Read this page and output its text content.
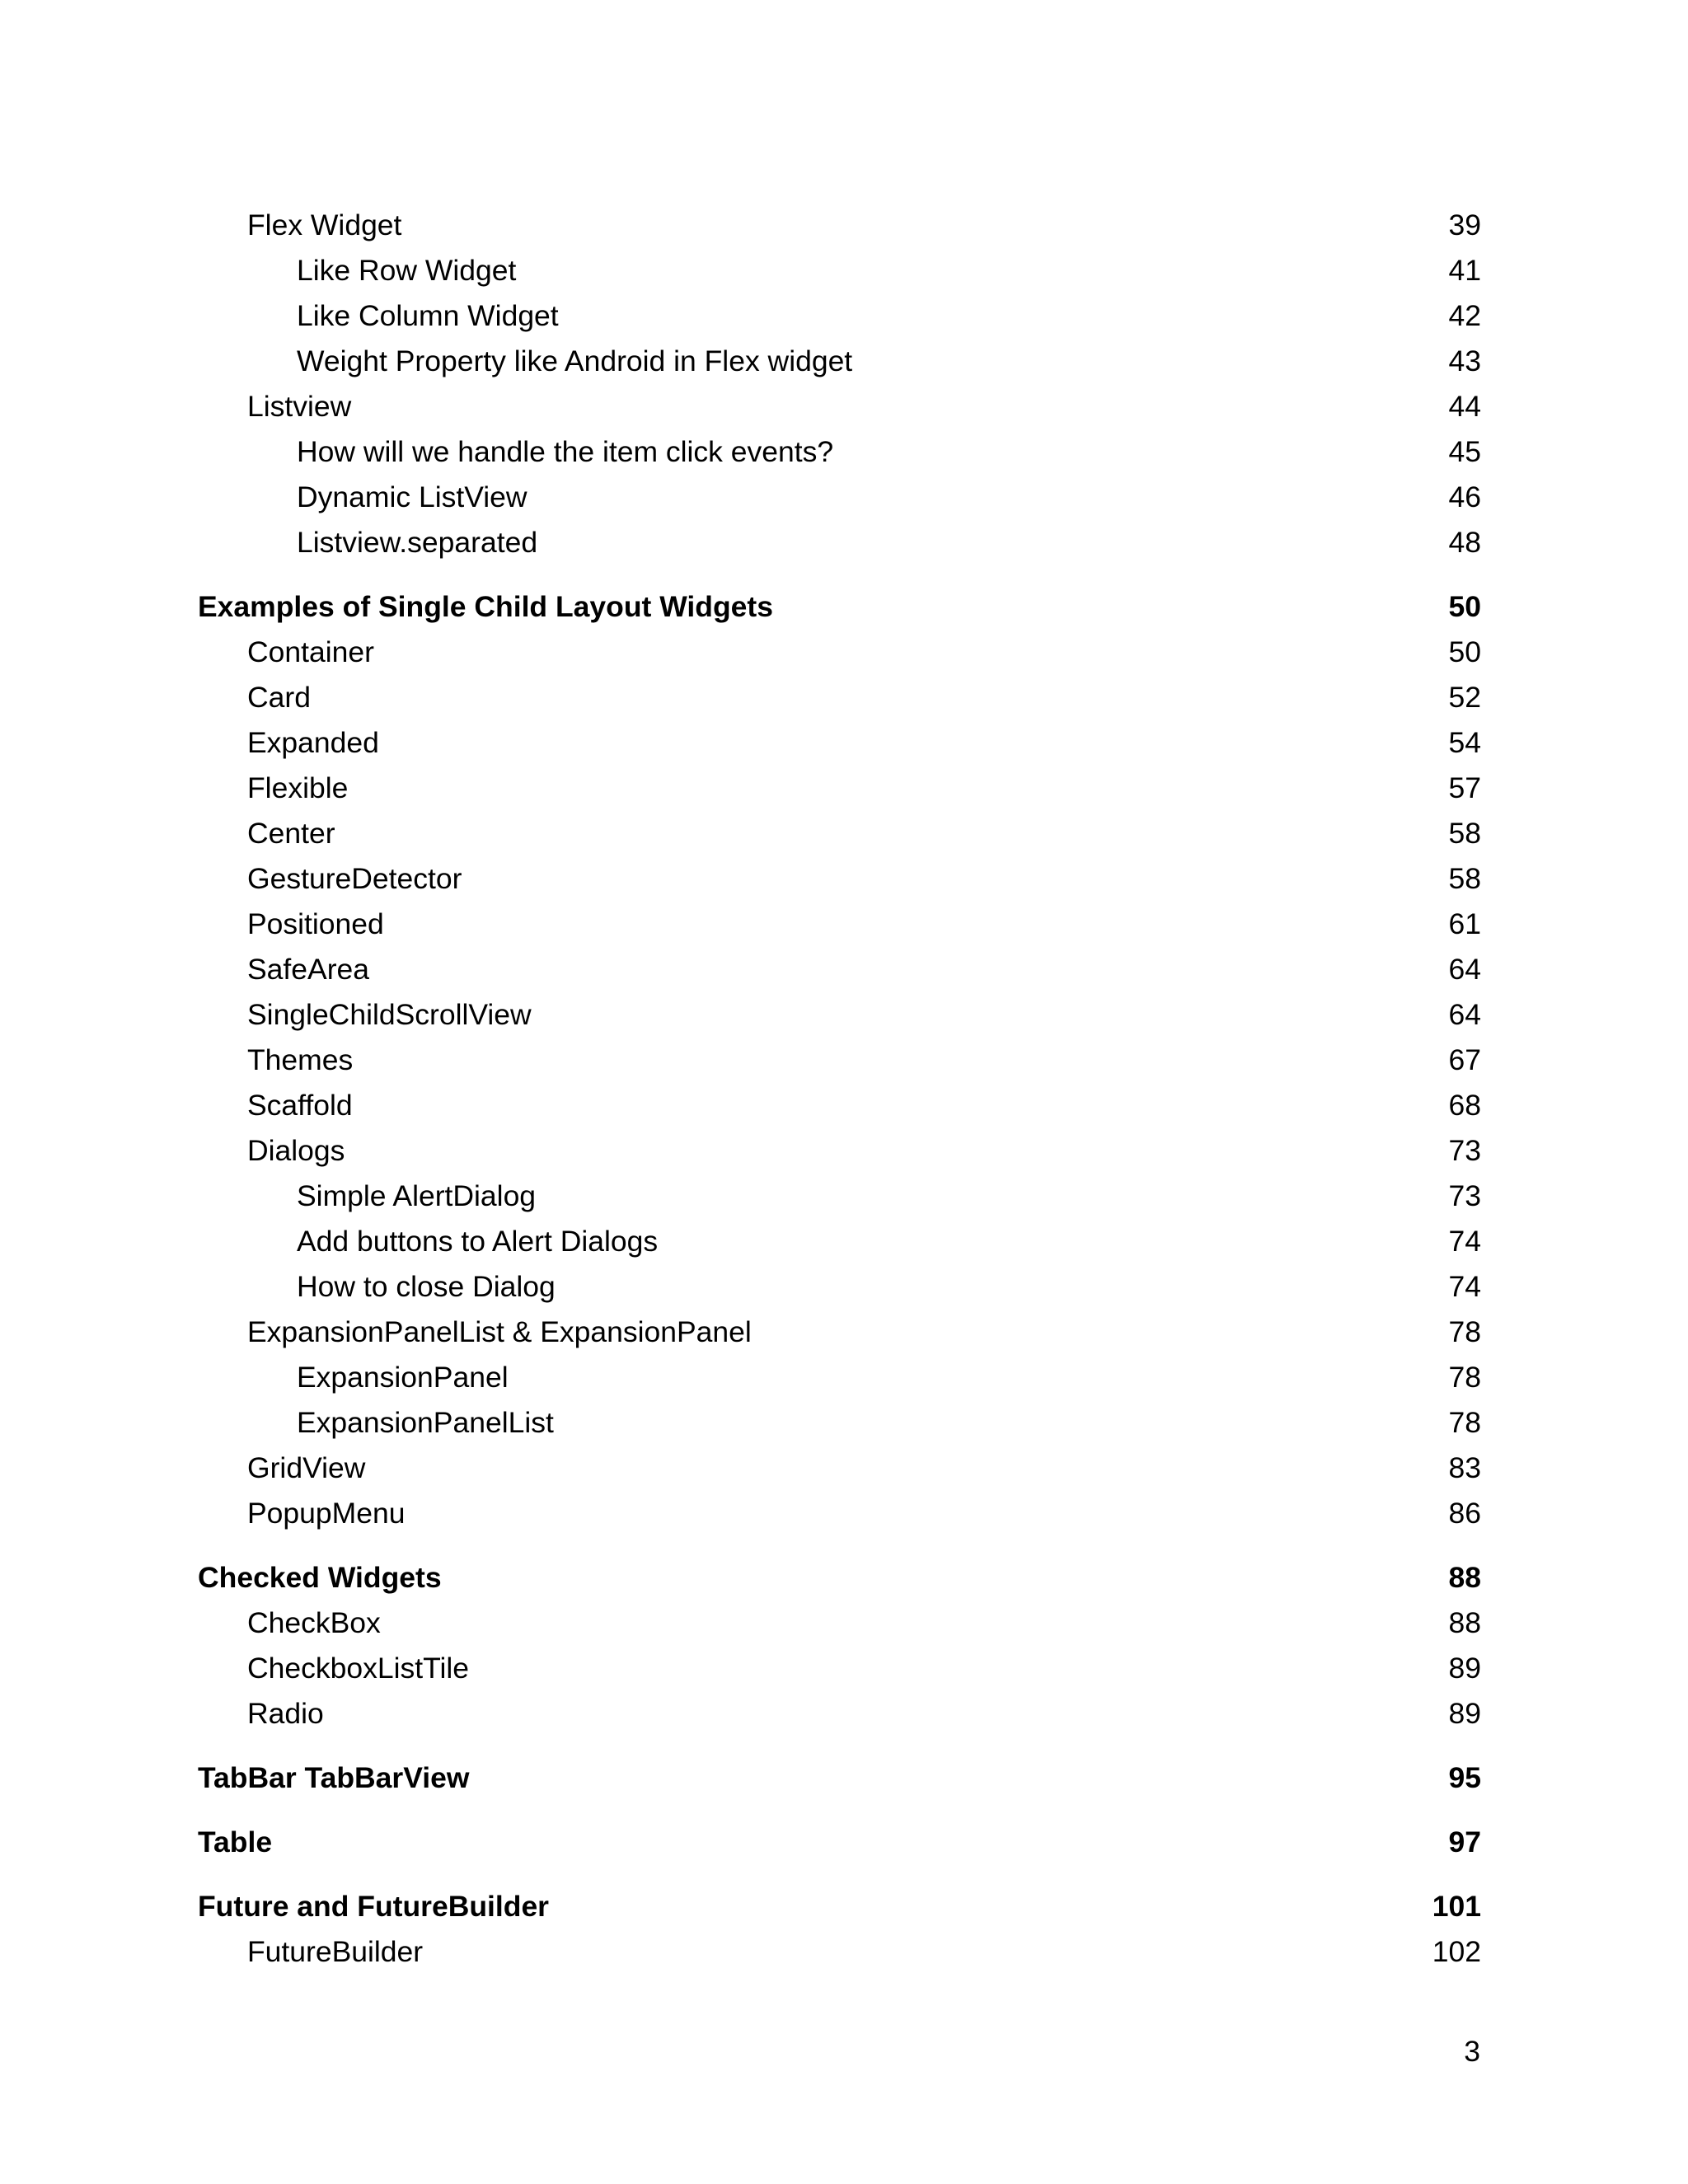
Flex Widget	39
Like Row Widget	41
Like Column Widget	42
Weight Property like Android in Flex widget	43
Listview	44
How will we handle the item click events?	45
Dynamic ListView	46
Listview.separated	48
Examples of Single Child Layout Widgets	50
Container	50
Card	52
Expanded	54
Flexible	57
Center	58
GestureDetector	58
Positioned	61
SafeArea	64
SingleChildScrollView	64
Themes	67
Scaffold	68
Dialogs	73
Simple AlertDialog	73
Add buttons to Alert Dialogs	74
How to close Dialog	74
ExpansionPanelList & ExpansionPanel	78
ExpansionPanel	78
ExpansionPanelList	78
GridView	83
PopupMenu	86
Checked Widgets	88
CheckBox	88
CheckboxListTile	89
Radio	89
TabBar TabBarView	95
Table	97
Future and FutureBuilder	101
FutureBuilder	102
3
